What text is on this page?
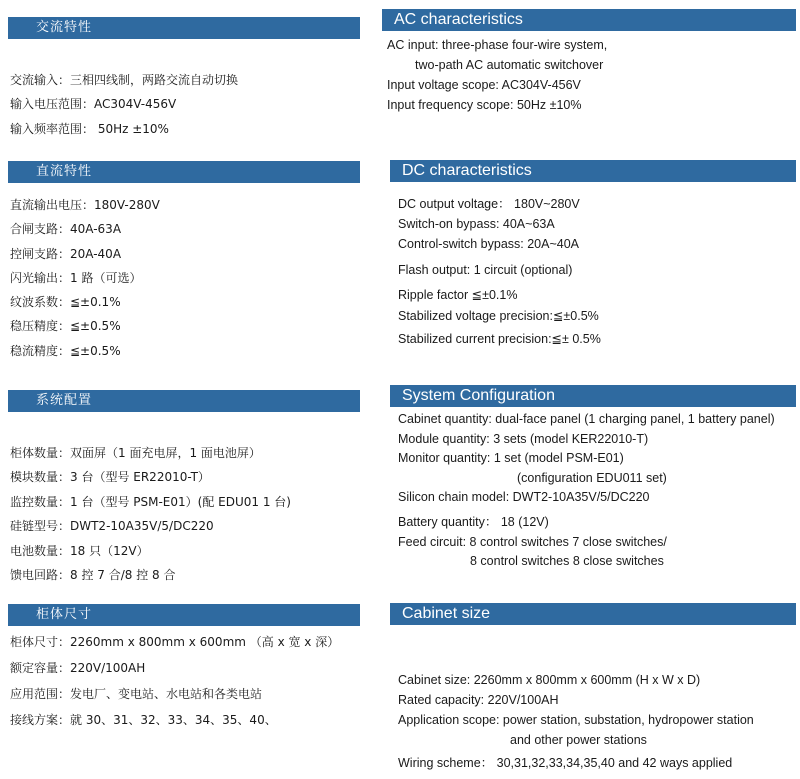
交流特性
交流输入：三相四线制，两路交流自动切换
输入电压范围：AC304V-456V
输入频率范围： 50Hz ±10%
直流特性
直流输出电压：180V-280V
合闸支路：40A-63A
控闸支路：20A-40A
闪光输出：1 路（可选）
纹波系数：≦±0.1%
稳压精度：≦±0.5%
稳流精度：≦±0.5%
系统配置
柜体数量：双面屏（1 面充电屏，1 面电池屏）
模块数量：3 台（型号 ER22010-T）
监控数量：1 台（型号 PSM-E01）(配 EDU01 1 台)
硅链型号：DWT2-10A35V/5/DC220
电池数量：18 只（12V）
馈电回路：8 控 7 合/8 控 8 合
柜体尺寸
柜体尺寸：2260mm x 800mm x 600mm （高 x 宽 x 深）
额定容量：220V/100AH
应用范围：发电厂、变电站、水电站和各类电站
接线方案：就 30、31、32、33、34、35、40、
AC characteristics
AC input: three-phase four-wire system,
two-path AC automatic switchover
Input voltage scope: AC304V-456V
Input frequency scope: 50Hz ±10%
DC characteristics
DC output voltage： 180V~280V
Switch-on bypass: 40A~63A
Control-switch bypass: 20A~40A
Flash output: 1 circuit (optional)
Ripple factor ≦±0.1%
Stabilized voltage precision:≦±0.5%
Stabilized current precision:≦± 0.5%
System Configuration
Cabinet quantity: dual-face panel (1 charging panel, 1 battery panel)
Module quantity: 3 sets (model KER22010-T)
Monitor quantity: 1 set (model PSM-E01)
(configuration EDU011 set)
Silicon chain model: DWT2-10A35V/5/DC220
Battery quantity： 18 (12V)
Feed circuit: 8 control switches 7 close switches/
8 control switches 8 close switches
Cabinet size
Cabinet size: 2260mm x 800mm x 600mm (H x W x D)
Rated capacity: 220V/100AH
Application scope: power station, substation, hydropower station
and other power stations
Wiring scheme： 30,31,32,33,34,35,40 and 42 ways applied
